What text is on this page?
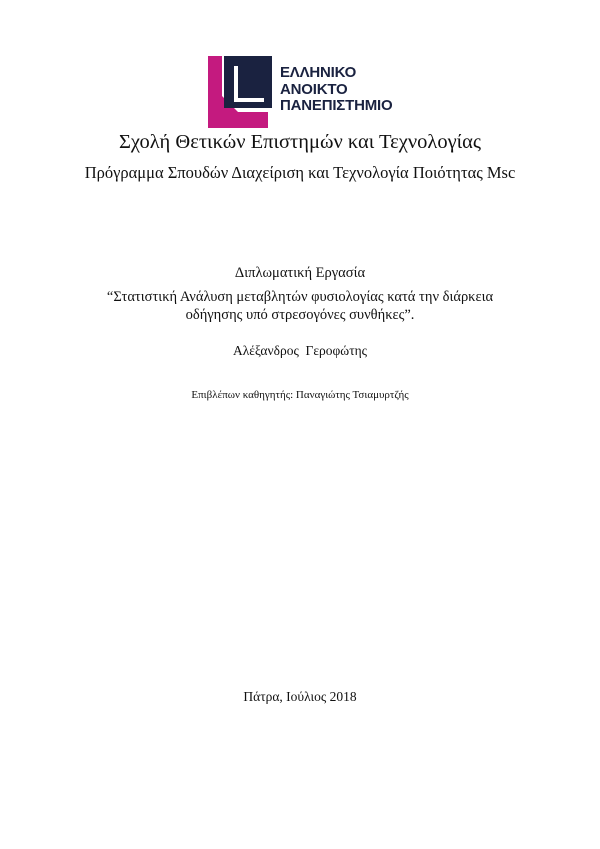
ΕΛΛΗΝΙΚΟ
ΑΝΟΙΚΤΟ
ΠΑΝΕΠΙΣΤΗΜΙΟ
Σχολή Θετικών Επιστημών και Τεχνολογίας
Πρόγραμμα Σπουδών Διαχείριση και Τεχνολογία Ποιότητας Msc
Διπλωματική Εργασία
“Στατιστική Ανάλυση μεταβλητών φυσιολογίας κατά την διάρκεια
οδήγησης υπό στρεσογόνες συνθήκες”.
Αλέξανδρος  Γεροφώτης
Επιβλέπων καθηγητής: Παναγιώτης Τσιαμυρτζής
Πάτρα, Ιούλιος 2018
